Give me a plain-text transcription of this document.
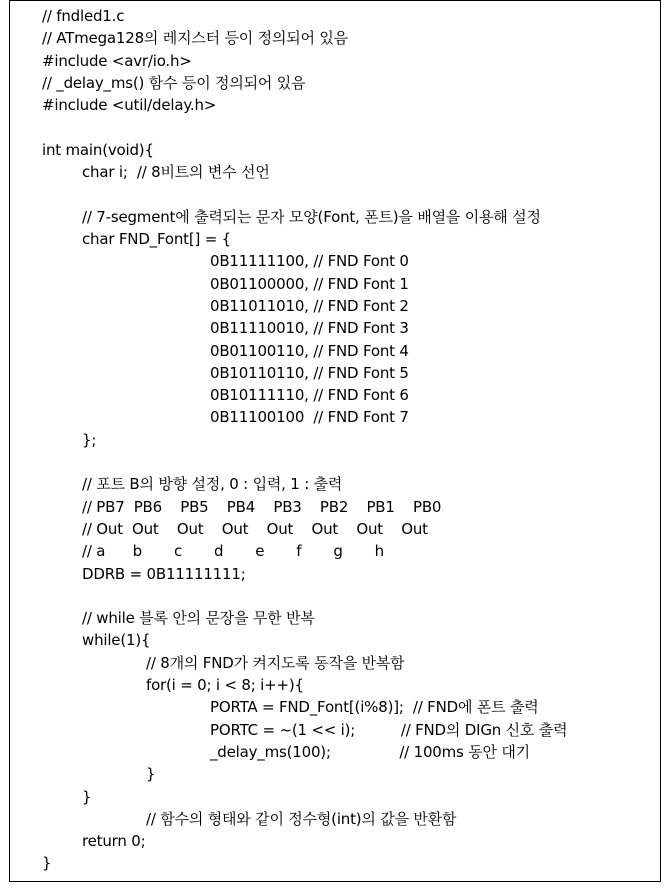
// fndled1.c
// ATmega128의 레지스터 등이 정의되어 있음
#include <avr/io.h>
// _delay_ms() 함수 등이 정의되어 있음
#include <util/delay.h>
int main(void){
char i;  // 8비트의 변수 선언
// 7-segment에 출력되는 문자 모양(Font, 폰트)을 배열을 이용해 설정
char FND_Font[] = {
0B11111100, // FND Font 0
0B01100000, // FND Font 1
0B11011010, // FND Font 2
0B11110010, // FND Font 3
0B01100110, // FND Font 4
0B10110110, // FND Font 5
0B10111110, // FND Font 6
0B11100100  // FND Font 7
};
// 포트 B의 방향 설정, 0 : 입력, 1 : 출력
// PB7  PB6    PB5    PB4    PB3    PB2    PB1    PB0
// Out  Out    Out    Out    Out    Out    Out    Out
// a      b       c       d       e       f       g       h
DDRB = 0B11111111;
// while 블록 안의 문장을 무한 반복
while(1){
// 8개의 FND가 켜지도록 동작을 반복함
for(i = 0; i < 8; i++){
PORTA = FND_Font[(i%8)];  // FND에 폰트 출력
PORTC = ~(1 << i);          // FND의 DIGn 신호 출력
_delay_ms(100);               // 100ms 동안 대기
}
}
// 함수의 형태와 같이 정수형(int)의 값을 반환함
return 0;
}
